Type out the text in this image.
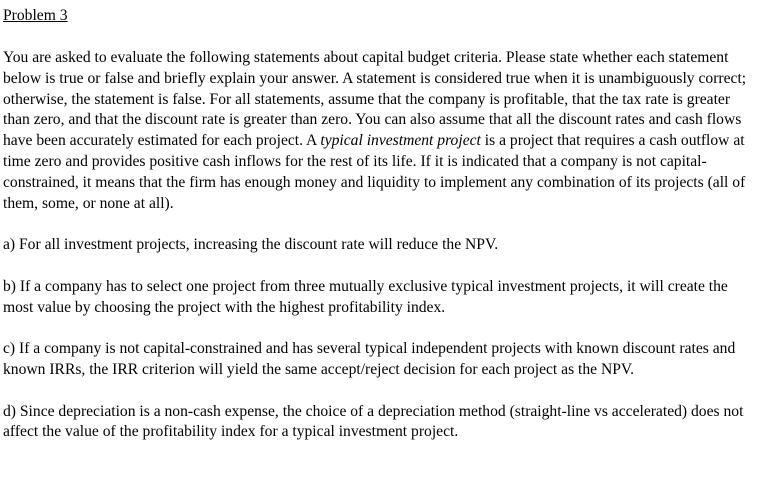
Problem 3

You are asked to evaluate the following statements about capital budget criteria. Please state whether each statement below is true or false and briefly explain your answer. A statement is considered true when it is unambiguously correct; otherwise, the statement is false. For all statements, assume that the company is profitable, that the tax rate is greater than zero, and that the discount rate is greater than zero. You can also assume that all the discount rates and cash flows have been accurately estimated for each project. A typical investment project is a project that requires a cash outflow at time zero and provides positive cash inflows for the rest of its life. If it is indicated that a company is not capital-constrained, it means that the firm has enough money and liquidity to implement any combination of its projects (all of them, some, or none at all).

a) For all investment projects, increasing the discount rate will reduce the NPV.

b) If a company has to select one project from three mutually exclusive typical investment projects, it will create the most value by choosing the project with the highest profitability index.

c) If a company is not capital-constrained and has several typical independent projects with known discount rates and known IRRs, the IRR criterion will yield the same accept/reject decision for each project as the NPV.

d) Since depreciation is a non-cash expense, the choice of a depreciation method (straight-line vs accelerated) does not affect the value of the profitability index for a typical investment project.
